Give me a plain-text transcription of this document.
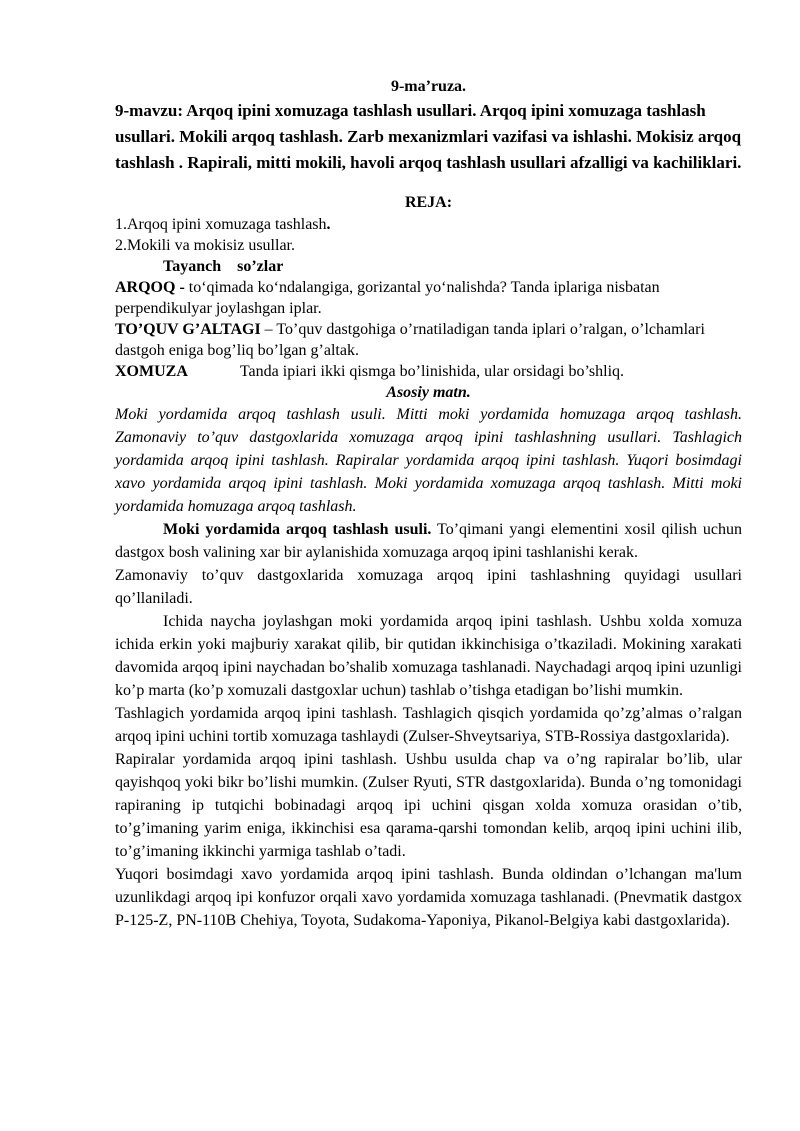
9-ma’ruza.

9-mavzu: Arqoq ipini xomuzaga tashlash usullari. Arqoq ipini xomuzaga tashlash usullari. Mokili arqoq tashlash. Zarb mexanizmlari vazifasi va ishlashi. Mokisiz arqoq tashlash . Rapirali, mitti mokili, havoli arqoq tashlash usullari afzalligi va kachiliklari.

REJA:

1.Arqoq ipini xomuzaga tashlash.

2.Mokili va mokisiz usullar.

Tayanch so’zlar

ARQOQ - to‘qimada ko‘ndalangiga, gorizantal yo‘nalishda? Tanda iplariga nisbatan perpendikulyar joylashgan iplar.

TO’QUV G’ALTAGI – To’quv dastgohiga o’rnatiladigan tanda iplari o’ralgan, o’lchamlari dastgoh eniga bog’liq bo’lgan g’altak.

XOMUZA	Tanda ipiari ikki qismga bo’linishida, ular orsidagi bo’shliq.

Asosiy matn.

Moki yordamida arqoq tashlash usuli. Mitti moki yordamida homuzaga arqoq tashlash. Zamonaviy to’quv dastgoxlarida xomuzaga arqoq ipini tashlashning usullari. Tashlagich yordamida arqoq ipini tashlash. Rapiralar yordamida arqoq ipini tashlash. Yuqori bosimdagi xavo yordamida arqoq ipini tashlash. Moki yordamida xomuzaga arqoq tashlash. Mitti moki yordamida homuzaga arqoq tashlash.

Moki yordamida arqoq tashlash usuli. To’qimani yangi elementini xosil qilish uchun dastgox bosh valining xar bir aylanishida xomuzaga arqoq ipini tashlanishi kerak.

Zamonaviy to’quv dastgoxlarida xomuzaga arqoq ipini tashlashning quyidagi usullari qo’llaniladi.

Ichida naycha joylashgan moki yordamida arqoq ipini tashlash. Ushbu xolda xomuza ichida erkin yoki majburiy xarakat qilib, bir qutidan ikkinchisiga o’tkaziladi. Mokining xarakati davomida arqoq ipini naychadan bo’shalib xomuzaga tashlanadi. Naychadagi arqoq ipini uzunligi ko’p marta (ko’p xomuzali dastgoxlar uchun) tashlab o’tishga etadigan bo’lishi mumkin.

Tashlagich yordamida arqoq ipini tashlash. Tashlagich qisqich yordamida qo’zg’almas o’ralgan arqoq ipini uchini tortib xomuzaga tashlaydi (Zulser-Shveytsariya, STB-Rossiya dastgoxlarida).

Rapiralar yordamida arqoq ipini tashlash. Ushbu usulda chap va o’ng rapiralar bo’lib, ular qayishqoq yoki bikr bo’lishi mumkin. (Zulser Ryuti, STR dastgoxlarida). Bunda o’ng tomonidagi rapiraning ip tutqichi bobinadagi arqoq ipi uchini qisgan xolda xomuza orasidan o’tib, to’g’imaning yarim eniga, ikkinchisi esa qarama-qarshi tomondan kelib, arqoq ipini uchini ilib, to’g’imaning ikkinchi yarmiga tashlab o’tadi.

Yuqori bosimdagi xavo yordamida arqoq ipini tashlash. Bunda oldindan o’lchangan ma'lum uzunlikdagi arqoq ipi konfuzor orqali xavo yordamida xomuzaga tashlanadi. (Pnevmatik dastgox P-125-Z, PN-110B Chehiya, Toyota, Sudakoma-Yaponiya, Pikanol-Belgiya kabi dastgoxlarida).
